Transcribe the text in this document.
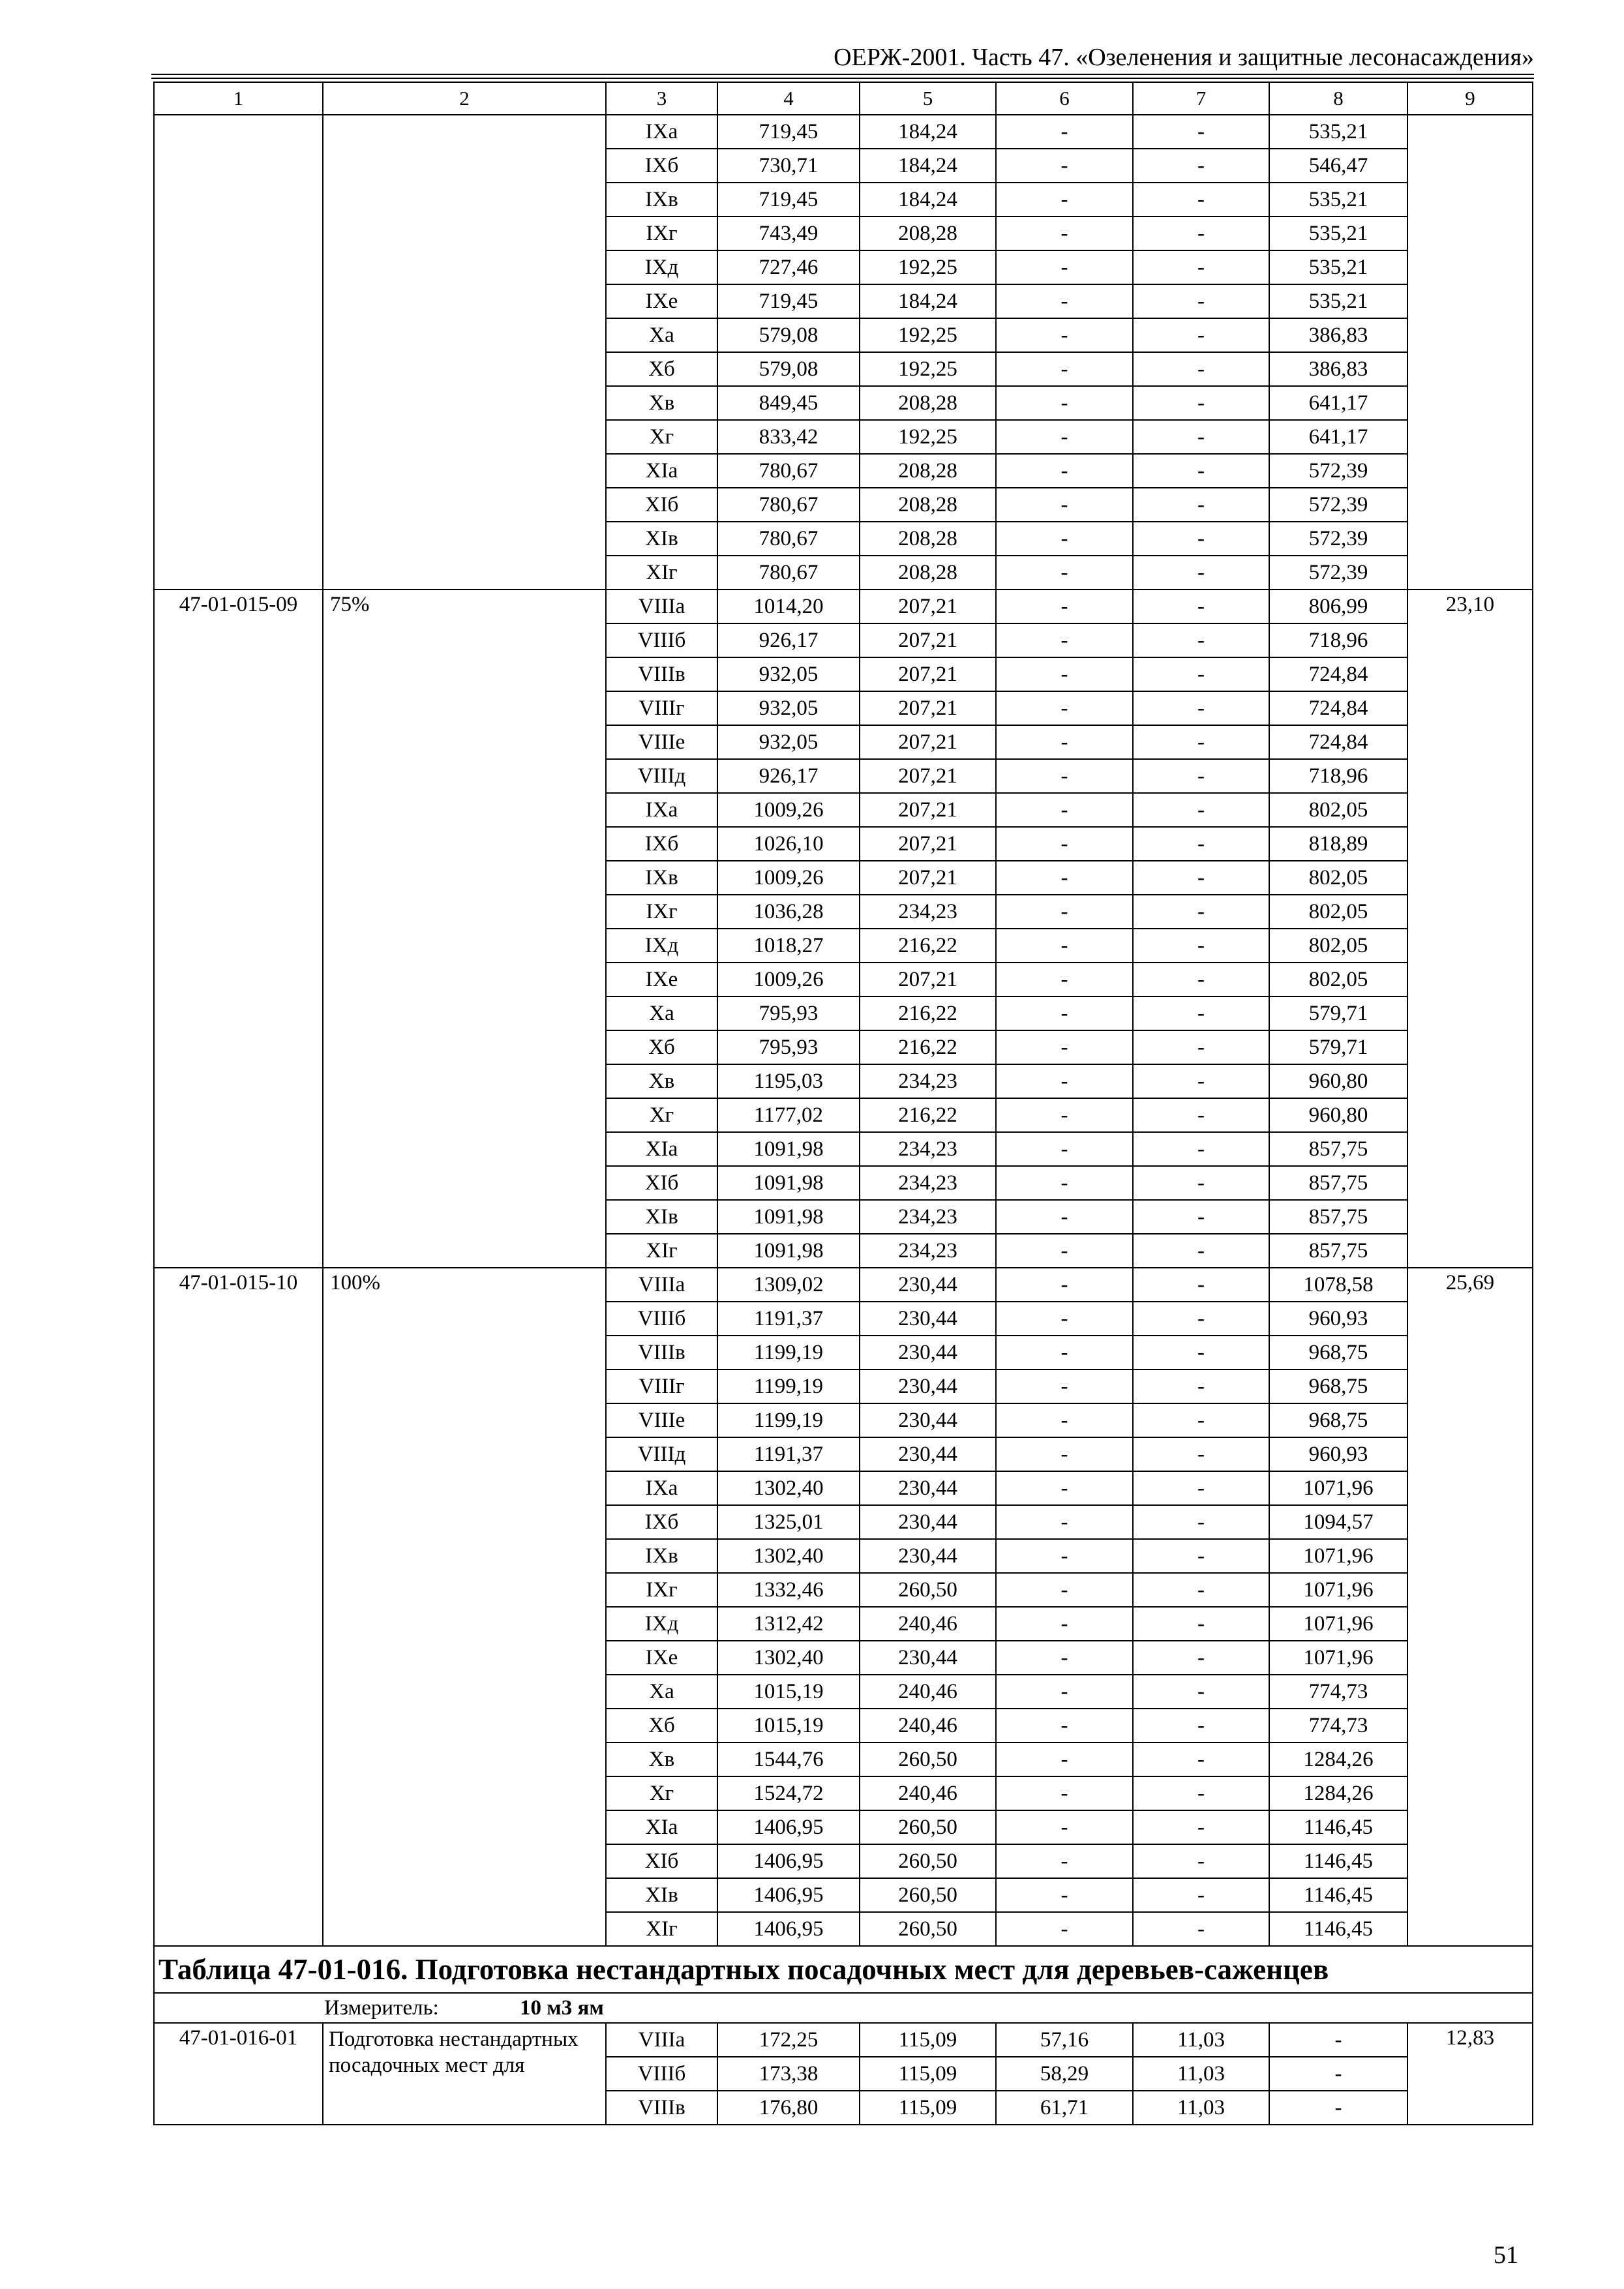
ОЕРЖ-2001. Часть 47. «Озеленения и защитные лесонасаждения»
1	2	3	4	5	6	7	8	9
		IXа	719,45	184,24	-	-	535,21	
		IXб	730,71	184,24	-	-	546,47	
		IXв	719,45	184,24	-	-	535,21	
		IXг	743,49	208,28	-	-	535,21	
		IXд	727,46	192,25	-	-	535,21	
		IXе	719,45	184,24	-	-	535,21	
		Xа	579,08	192,25	-	-	386,83	
		Xб	579,08	192,25	-	-	386,83	
		Xв	849,45	208,28	-	-	641,17	
		Xг	833,42	192,25	-	-	641,17	
		XIа	780,67	208,28	-	-	572,39	
		XIб	780,67	208,28	-	-	572,39	
		XIв	780,67	208,28	-	-	572,39	
		XIг	780,67	208,28	-	-	572,39	
47-01-015-09	75%	VIIIа	1014,20	207,21	-	-	806,99	23,10
		VIIIб	926,17	207,21	-	-	718,96	
		VIIIв	932,05	207,21	-	-	724,84	
		VIIIг	932,05	207,21	-	-	724,84	
		VIIIе	932,05	207,21	-	-	724,84	
		VIIIд	926,17	207,21	-	-	718,96	
		IXа	1009,26	207,21	-	-	802,05	
		IXб	1026,10	207,21	-	-	818,89	
		IXв	1009,26	207,21	-	-	802,05	
		IXг	1036,28	234,23	-	-	802,05	
		IXд	1018,27	216,22	-	-	802,05	
		IXе	1009,26	207,21	-	-	802,05	
		Xа	795,93	216,22	-	-	579,71	
		Xб	795,93	216,22	-	-	579,71	
		Xв	1195,03	234,23	-	-	960,80	
		Xг	1177,02	216,22	-	-	960,80	
		XIа	1091,98	234,23	-	-	857,75	
		XIб	1091,98	234,23	-	-	857,75	
		XIв	1091,98	234,23	-	-	857,75	
		XIг	1091,98	234,23	-	-	857,75	
47-01-015-10	100%	VIIIа	1309,02	230,44	-	-	1078,58	25,69
		VIIIб	1191,37	230,44	-	-	960,93	
		VIIIв	1199,19	230,44	-	-	968,75	
		VIIIг	1199,19	230,44	-	-	968,75	
		VIIIе	1199,19	230,44	-	-	968,75	
		VIIIд	1191,37	230,44	-	-	960,93	
		IXа	1302,40	230,44	-	-	1071,96	
		IXб	1325,01	230,44	-	-	1094,57	
		IXв	1302,40	230,44	-	-	1071,96	
		IXг	1332,46	260,50	-	-	1071,96	
		IXд	1312,42	240,46	-	-	1071,96	
		IXе	1302,40	230,44	-	-	1071,96	
		Xа	1015,19	240,46	-	-	774,73	
		Xб	1015,19	240,46	-	-	774,73	
		Xв	1544,76	260,50	-	-	1284,26	
		Xг	1524,72	240,46	-	-	1284,26	
		XIа	1406,95	260,50	-	-	1146,45	
		XIб	1406,95	260,50	-	-	1146,45	
		XIв	1406,95	260,50	-	-	1146,45	
		XIг	1406,95	260,50	-	-	1146,45	
Таблица 47-01-016. Подготовка нестандартных посадочных мест для деревьев-саженцев								
Измеритель: 10 м3 ям								
47-01-016-01	Подготовка нестандартных посадочных мест для	VIIIа	172,25	115,09	57,16	11,03	-	12,83
		VIIIб	173,38	115,09	58,29	11,03	-	
		VIIIв	176,80	115,09	61,71	11,03	-	
51
